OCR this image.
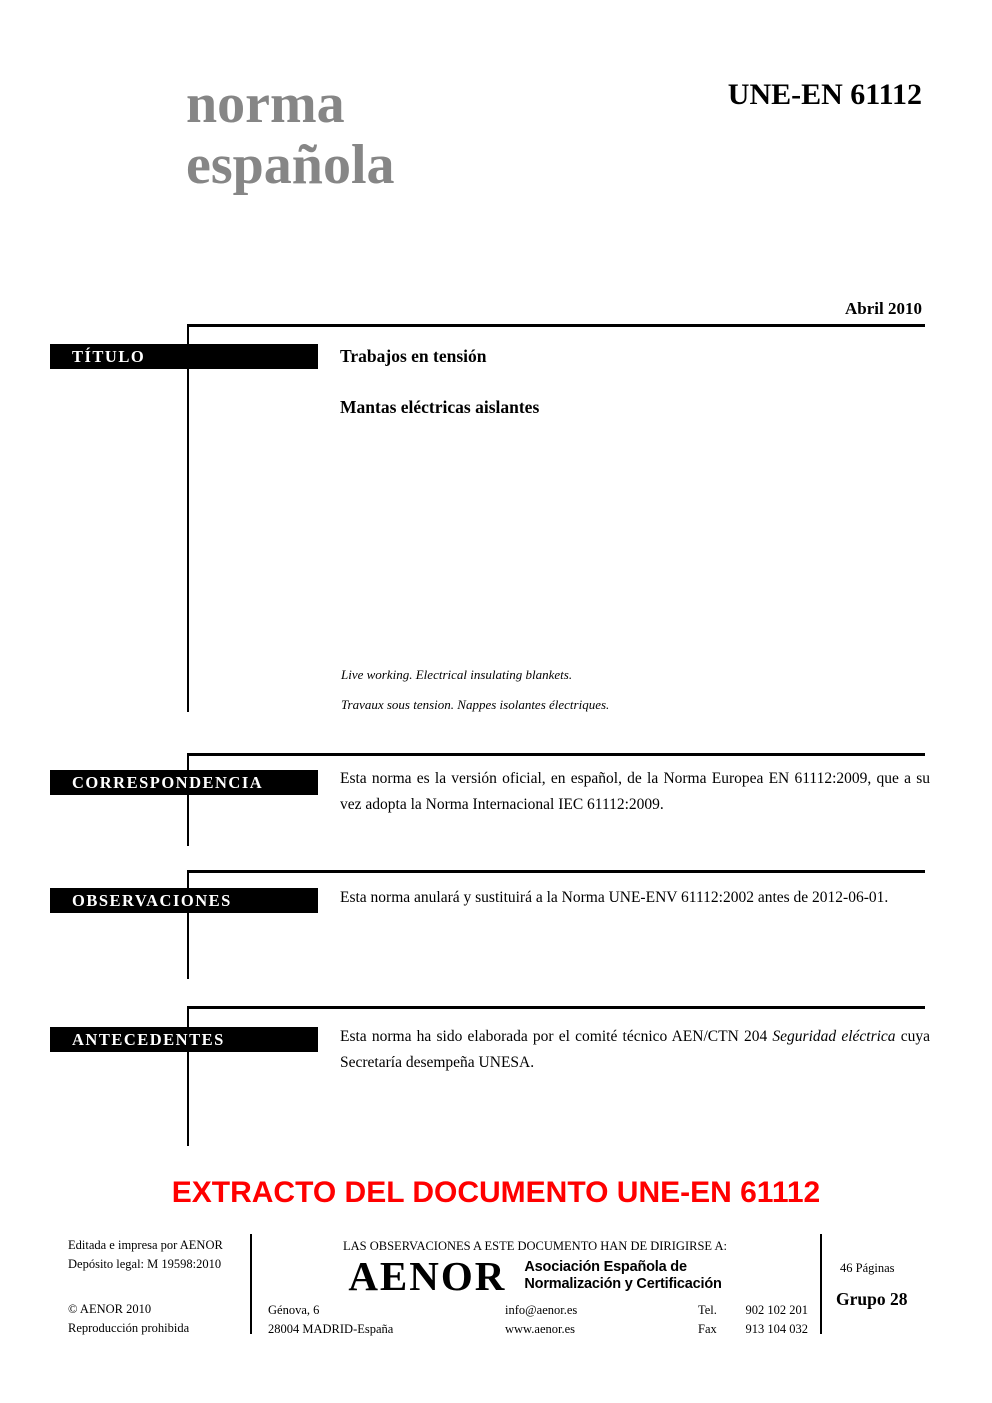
norma
española
UNE-EN 61112
Abril 2010
TÍTULO	Trabajos en tensión
Mantas eléctricas aislantes
Live working. Electrical insulating blankets.
Travaux sous tension. Nappes isolantes électriques.
CORRESPONDENCIA	Esta norma es la versión oficial, en español, de la Norma Europea EN 61112:2009, que a su vez adopta la Norma Internacional IEC 61112:2009.
OBSERVACIONES	Esta norma anulará y sustituirá a la Norma UNE-ENV 61112:2002 antes de 2012-06-01.
ANTECEDENTES	Esta norma ha sido elaborada por el comité técnico AEN/CTN 204 Seguridad eléctrica cuya Secretaría desempeña UNESA.
EXTRACTO DEL DOCUMENTO UNE-EN 61112
Editada e impresa por AENOR
Depósito legal: M 19598:2010
© AENOR 2010
Reproducción prohibida
LAS OBSERVACIONES A ESTE DOCUMENTO HAN DE DIRIGIRSE A:
AENOR Asociación Española de
Normalización y Certificación
Génova, 6
28004 MADRID-España
info@aenor.es
www.aenor.es
Tel.	902 102 201
Fax	913 104 032
46 Páginas
Grupo 28
